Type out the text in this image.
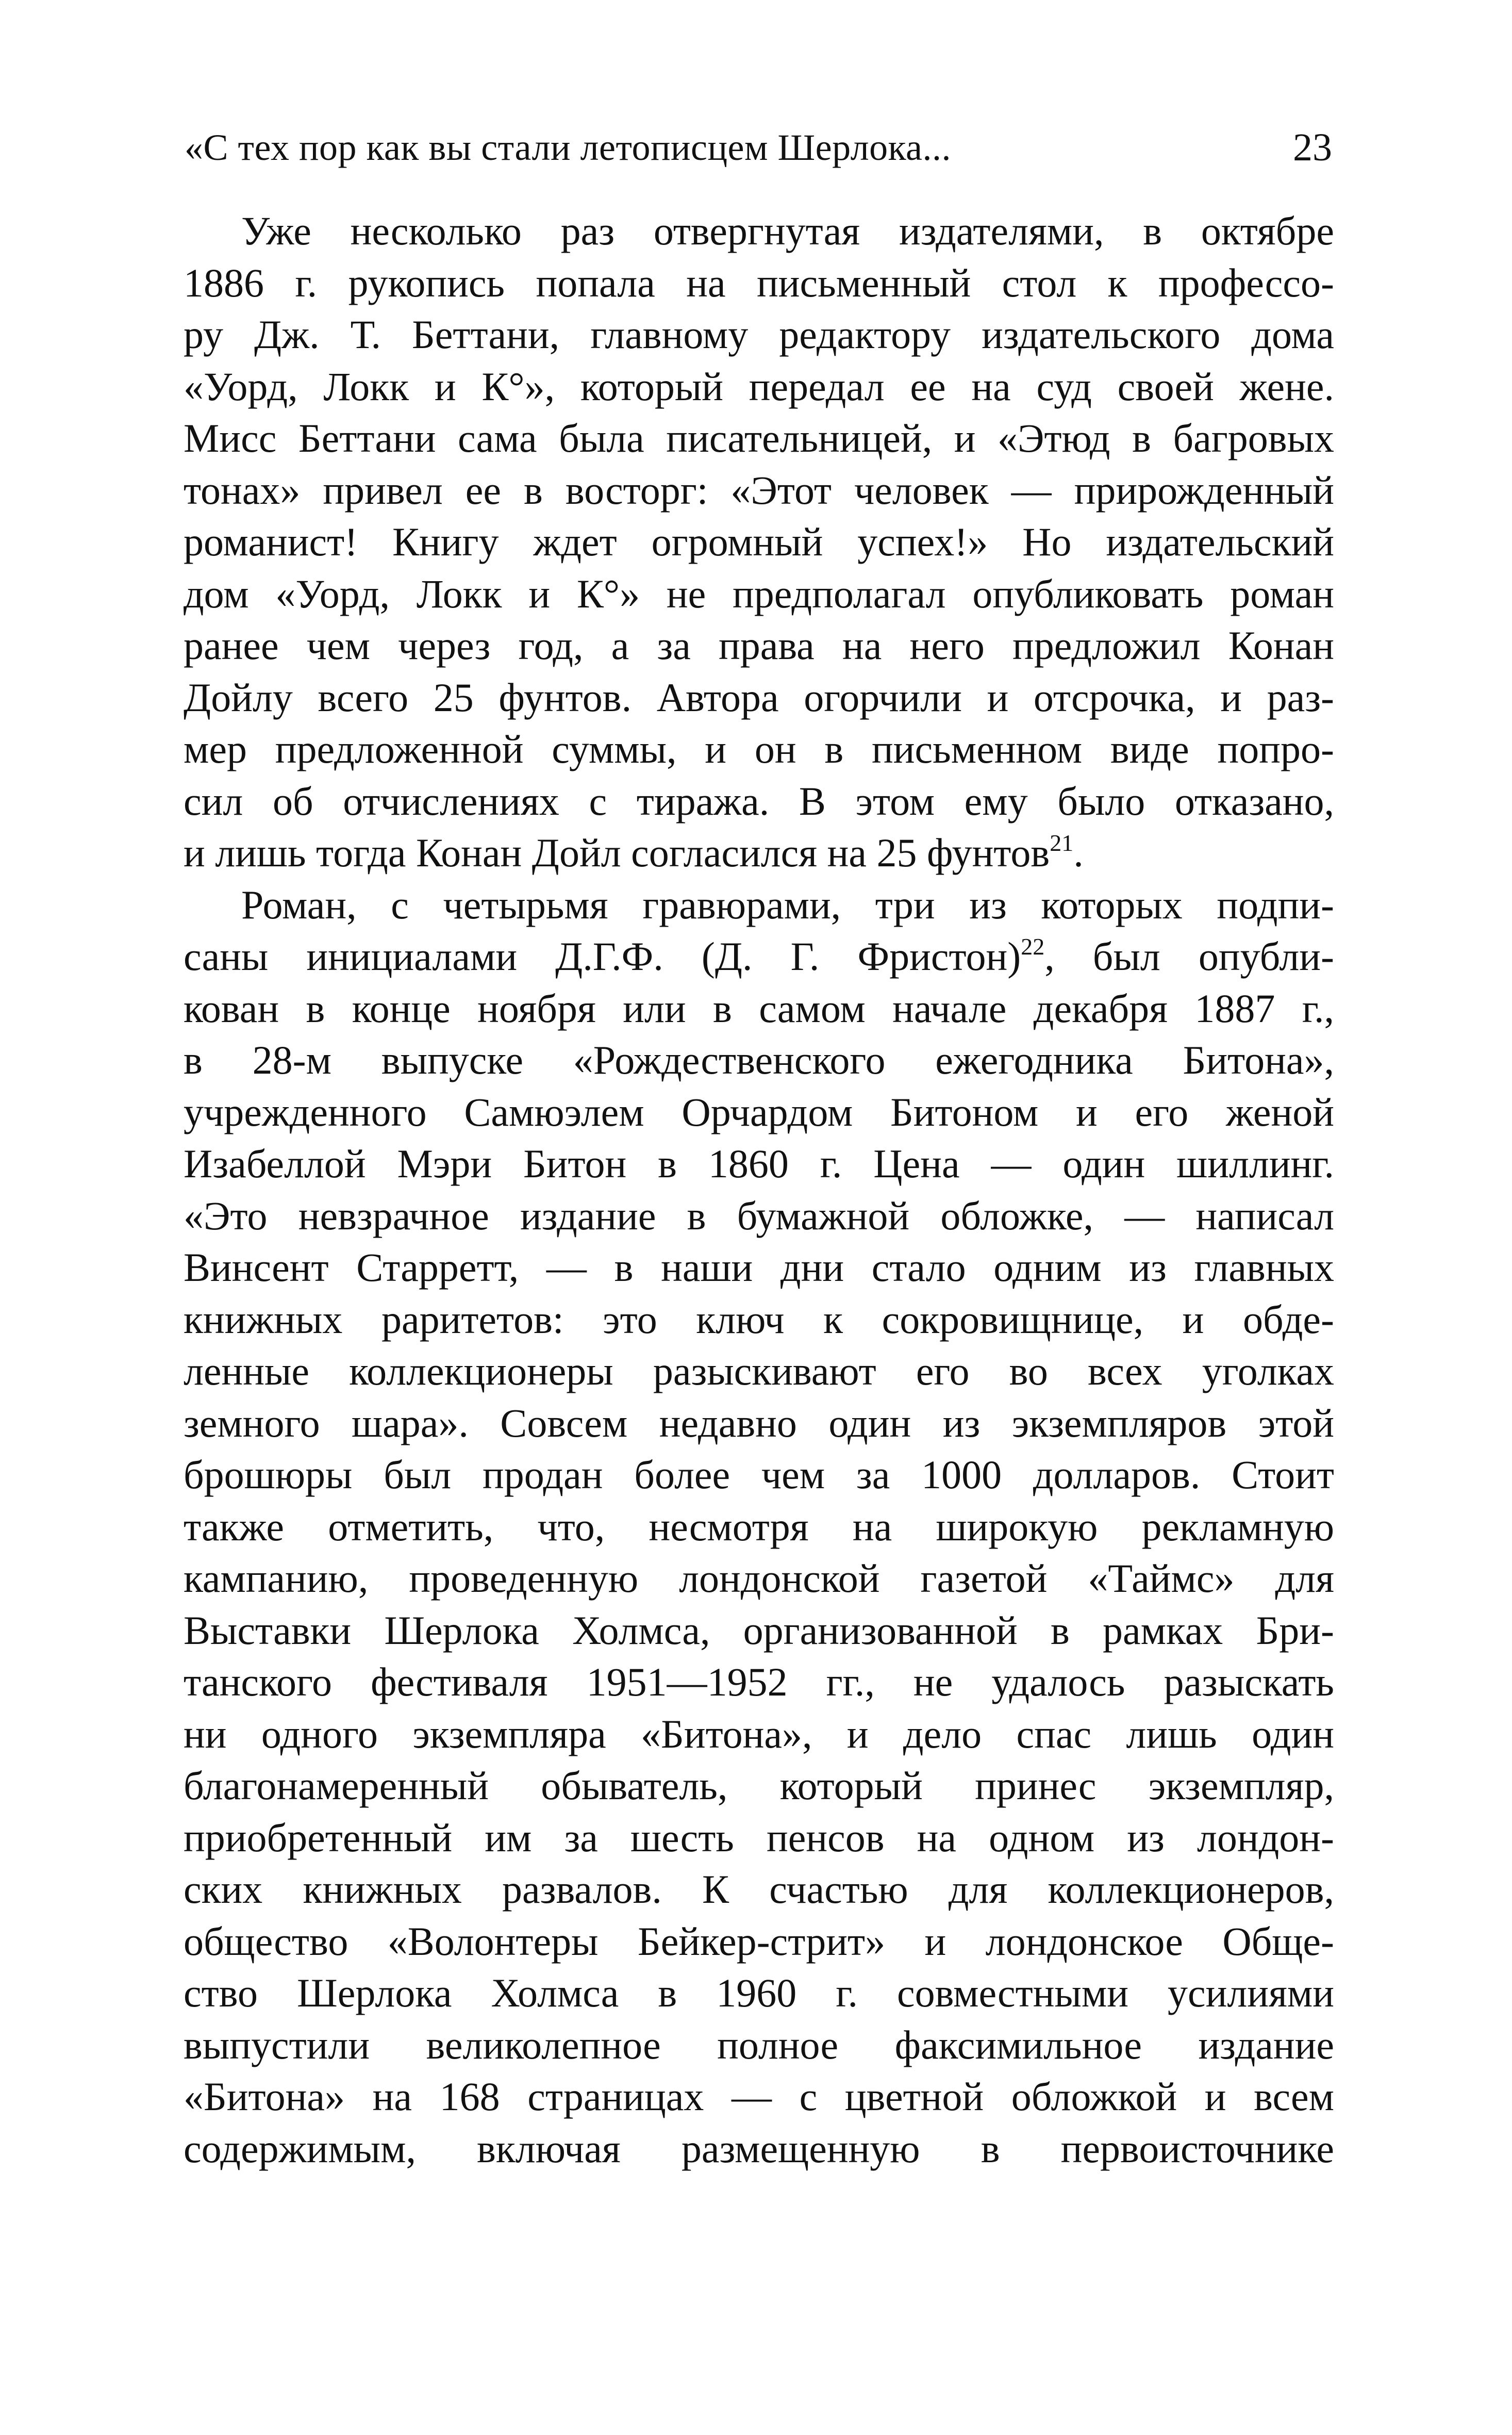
«С тех пор как вы стали летописцем Шерлока...	23

Уже несколько раз отвергнутая издателями, в октябре
1886 г. рукопись попала на письменный стол к профессо-
ру Дж. Т. Беттани, главному редактору издательского дома
«Уорд, Локк и К°», который передал ее на суд своей жене.
Мисс Беттани сама была писательницей, и «Этюд в багровых
тонах» привел ее в восторг: «Этот человек — прирожденный
романист! Книгу ждет огромный успех!» Но издательский
дом «Уорд, Локк и К°» не предполагал опубликовать роман
ранее чем через год, а за права на него предложил Конан
Дойлу всего 25 фунтов. Автора огорчили и отсрочка, и раз-
мер предложенной суммы, и он в письменном виде попро-
сил об отчислениях с тиража. В этом ему было отказано,
и лишь тогда Конан Дойл согласился на 25 фунтов$^{21}$.

Роман, с четырьмя гравюрами, три из которых подпи-
саны инициалами Д.Г.Ф. (Д. Г. Фристон)$^{22}$, был опубли-
кован в конце ноября или в самом начале декабря 1887 г.,
в 28-м выпуске «Рождественского ежегодника Битона»,
учрежденного Самюэлем Орчардом Битоном и его женой
Изабеллой Мэри Битон в 1860 г. Цена — один шиллинг.
«Это невзрачное издание в бумажной обложке, — написал
Винсент Старретт, — в наши дни стало одним из главных
книжных раритетов: это ключ к сокровищнице, и обде-
ленные коллекционеры разыскивают его во всех уголках
земного шара». Совсем недавно один из экземпляров этой
брошюры был продан более чем за 1000 долларов. Стоит
также отметить, что, несмотря на широкую рекламную
кампанию, проведенную лондонской газетой «Таймс» для
Выставки Шерлока Холмса, организованной в рамках Бри-
танского фестиваля 1951—1952 гг., не удалось разыскать
ни одного экземпляра «Битона», и дело спас лишь один
благонамеренный обыватель, который принес экземпляр,
приобретенный им за шесть пенсов на одном из лондон-
ских книжных развалов. К счастью для коллекционеров,
общество «Волонтеры Бейкер-стрит» и лондонское Обще-
ство Шерлока Холмса в 1960 г. совместными усилиями
выпустили великолепное полное факсимильное издание
«Битона» на 168 страницах — с цветной обложкой и всем
содержимым, включая размещенную в первоисточнике
